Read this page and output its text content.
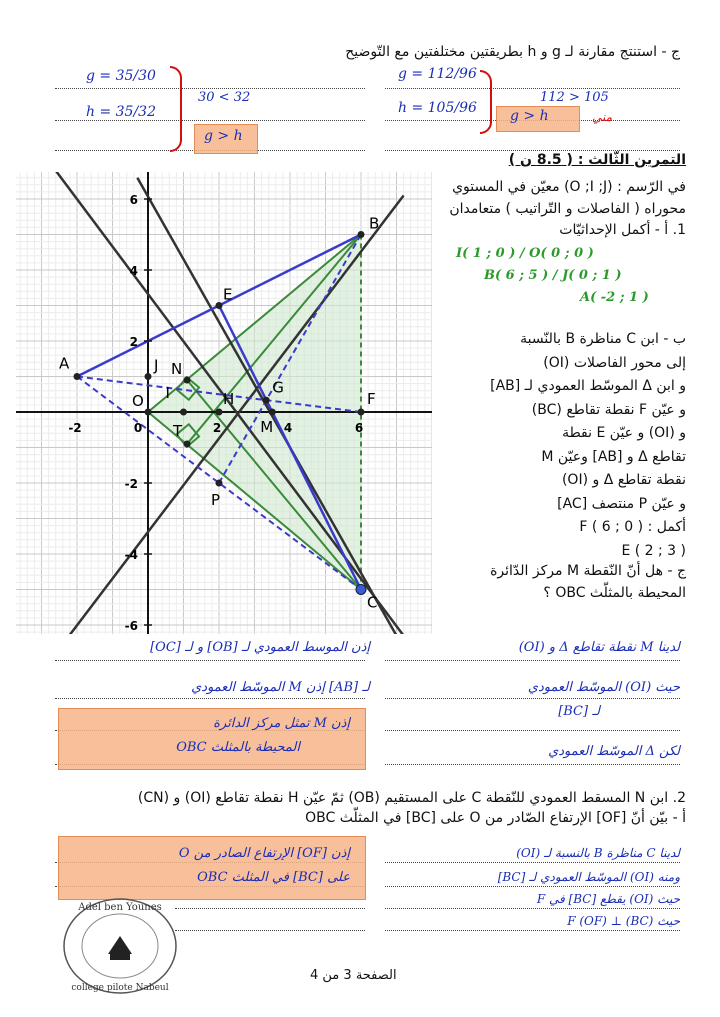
ج - استنتج مقارنة لـ g و h بطريقتين مختلفتين مع التّوضيح
g = 112/96
h = 105/96
112 > 105
g > h	مني
g = 35/30
h = 35/32
30 < 32
g > h
التمرين الثّالث : ( 8.5 ن )
-2	0	2	4	6
6
4
2
-2
-4
-6
A
B
C
O I
J
E
F
G
H
M
N
P
T
في الرّسم : (O ;I ;J) معيّن في المستوي محوراه ( الفاصلات و التّراتيب ) متعامدان
1. أ - أكمل الإحداثيّات
I( 1 ; 0 ) / O( 0 ; 0 )
B( 6 ; 5 ) / J( 0 ; 1 )
A( -2 ; 1 )
ب - ابن C مناظرة B بالنّسبة
إلى محور الفاصلات (OI)
و ابن Δ الموسّط العمودي لـ [AB]
و عيّن F نقطة تقاطع (BC)
و (OI) و عيّن E نقطة
تقاطع Δ و [AB] وعيّن M
نقطة تقاطع Δ و (OI)
و عيّن P منتصف [AC]
أكمل : F ( 6 ; 0 )
E ( 2 ; 3 )
ج - هل أنّ النّقطة M مركز الدّائرة
المحيطة بالمثلّث OBC ؟
لدينا M نقطة تقاطع Δ و (OI)
حيث (OI) الموسّط العمودي
لـ [BC]
لكن Δ الموسّط العمودي
إذن الموسط العمودي لـ [OB] و لـ [OC]
لـ [AB] إذن M الموسّط العمودي
إذن M تمثل مركز الدائرة
المحيطة بالمثلث OBC
2. ابن N المسقط العمودي للنّقطة C على المستقيم (OB) ثمّ عيّن H نقطة تقاطع (OI) و (CN)
أ - بيّن أنّ [OF] الإرتفاع الصّادر من O على [BC] في المثلّث OBC
لدينا C مناظرة B بالنسبة لـ (OI)
ومنه (OI) الموسّط العمودي لـ [BC]
حيث (OI) يقطع [BC] في F
حيث F (OF) ⊥ (BC)
إذن [OF] الإرتفاع الصادر من O
على [BC] في المثلث OBC
Adel ben Younes
college pilote Nabeul
الصفحة 3 من 4
